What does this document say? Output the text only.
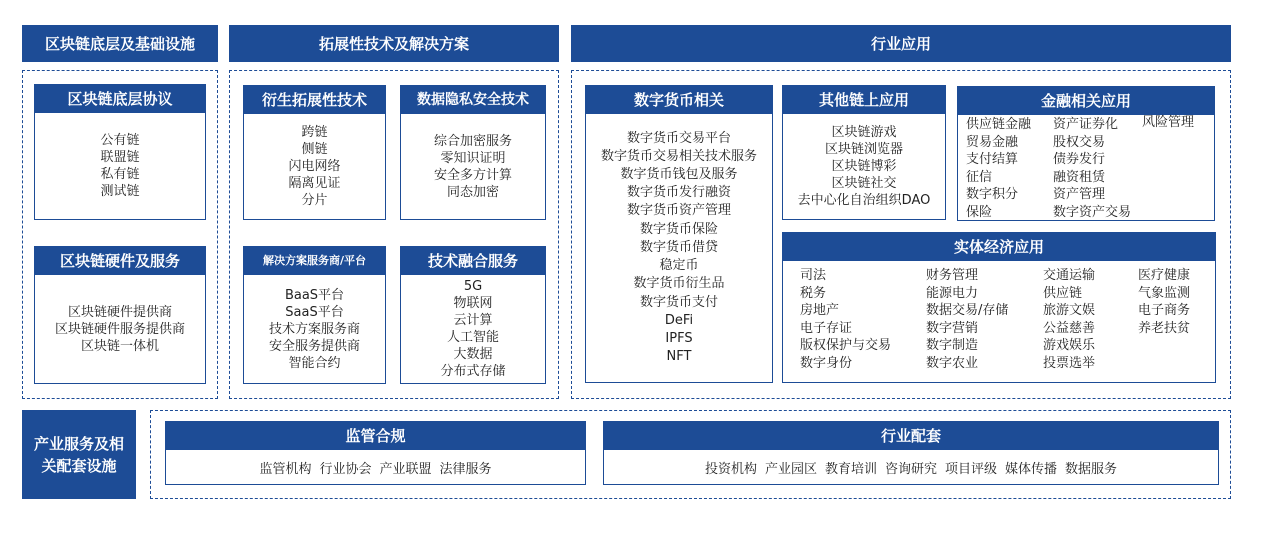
区块链底层及基础设施	拓展性技术及解决方案	行业应用
区块链底层协议
公有链
联盟链
私有链
测试链
区块链硬件及服务
区块链硬件提供商
区块链硬件服务提供商
区块链一体机
衍生拓展性技术
跨链
侧链
闪电网络
隔离见证
分片
数据隐私安全技术
综合加密服务
零知识证明
安全多方计算
同态加密
解决方案服务商/平台
BaaS平台
SaaS平台
技术方案服务商
安全服务提供商
智能合约
技术融合服务
5G
物联网
云计算
人工智能
大数据
分布式存储
数字货币相关
数字货币交易平台
数字货币交易相关技术服务
数字货币钱包及服务
数字货币发行融资
数字货币资产管理
数字货币保险
数字货币借贷
稳定币
数字货币衍生品
数字货币支付
DeFi
IPFS
NFT
其他链上应用
区块链游戏
区块链浏览器
区块链博彩
区块链社交
去中心化自治组织DAO
金融相关应用
供应链金融
贸易金融
支付结算
征信
数字积分
保险
资产证券化
股权交易
债券发行
融资租赁
资产管理
数字资产交易
风险管理
实体经济应用
司法
税务
房地产
电子存证
版权保护与交易
数字身份
财务管理
能源电力
数据交易/存储
数字营销
数字制造
数字农业
交通运输
供应链
旅游文娱
公益慈善
游戏娱乐
投票选举
医疗健康
气象监测
电子商务
养老扶贫
产业服务及相关配套设施
监管合规
监管机构 行业协会 产业联盟 法律服务
行业配套
投资机构 产业园区 教育培训 咨询研究 项目评级 媒体传播 数据服务
